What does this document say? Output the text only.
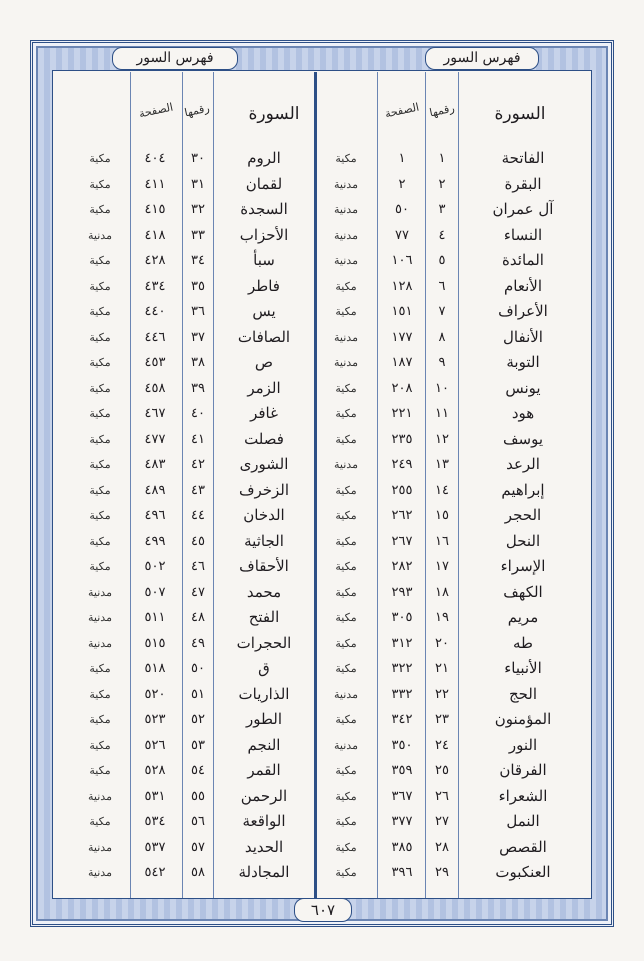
فهرس السور	فهرس السور
السورة
رقمها
الصفحة
السورة
رقمها
الصفحة
الفاتحة
١
١
مكية
الروم
٣٠
٤٠٤
مكية
البقرة
٢
٢
مدنية
لقمان
٣١
٤١١
مكية
آل عمران
٣
٥٠
مدنية
السجدة
٣٢
٤١٥
مكية
النساء
٤
٧٧
مدنية
الأحزاب
٣٣
٤١٨
مدنية
المائدة
٥
١٠٦
مدنية
سبأ
٣٤
٤٢٨
مكية
الأنعام
٦
١٢٨
مكية
فاطر
٣٥
٤٣٤
مكية
الأعراف
٧
١٥١
مكية
يس
٣٦
٤٤٠
مكية
الأنفال
٨
١٧٧
مدنية
الصافات
٣٧
٤٤٦
مكية
التوبة
٩
١٨٧
مدنية
ص
٣٨
٤٥٣
مكية
يونس
١٠
٢٠٨
مكية
الزمر
٣٩
٤٥٨
مكية
هود
١١
٢٢١
مكية
غافر
٤٠
٤٦٧
مكية
يوسف
١٢
٢٣٥
مكية
فصلت
٤١
٤٧٧
مكية
الرعد
١٣
٢٤٩
مدنية
الشورى
٤٢
٤٨٣
مكية
إبراهيم
١٤
٢٥٥
مكية
الزخرف
٤٣
٤٨٩
مكية
الحجر
١٥
٢٦٢
مكية
الدخان
٤٤
٤٩٦
مكية
النحل
١٦
٢٦٧
مكية
الجاثية
٤٥
٤٩٩
مكية
الإسراء
١٧
٢٨٢
مكية
الأحقاف
٤٦
٥٠٢
مكية
الكهف
١٨
٢٩٣
مكية
محمد
٤٧
٥٠٧
مدنية
مريم
١٩
٣٠٥
مكية
الفتح
٤٨
٥١١
مدنية
طه
٢٠
٣١٢
مكية
الحجرات
٤٩
٥١٥
مدنية
الأنبياء
٢١
٣٢٢
مكية
ق
٥٠
٥١٨
مكية
الحج
٢٢
٣٣٢
مدنية
الذاريات
٥١
٥٢٠
مكية
المؤمنون
٢٣
٣٤٢
مكية
الطور
٥٢
٥٢٣
مكية
النور
٢٤
٣٥٠
مدنية
النجم
٥٣
٥٢٦
مكية
الفرقان
٢٥
٣٥٩
مكية
القمر
٥٤
٥٢٨
مكية
الشعراء
٢٦
٣٦٧
مكية
الرحمن
٥٥
٥٣١
مدنية
النمل
٢٧
٣٧٧
مكية
الواقعة
٥٦
٥٣٤
مكية
القصص
٢٨
٣٨٥
مكية
الحديد
٥٧
٥٣٧
مدنية
العنكبوت
٢٩
٣٩٦
مكية
المجادلة
٥٨
٥٤٢
مدنية
٦٠٧
